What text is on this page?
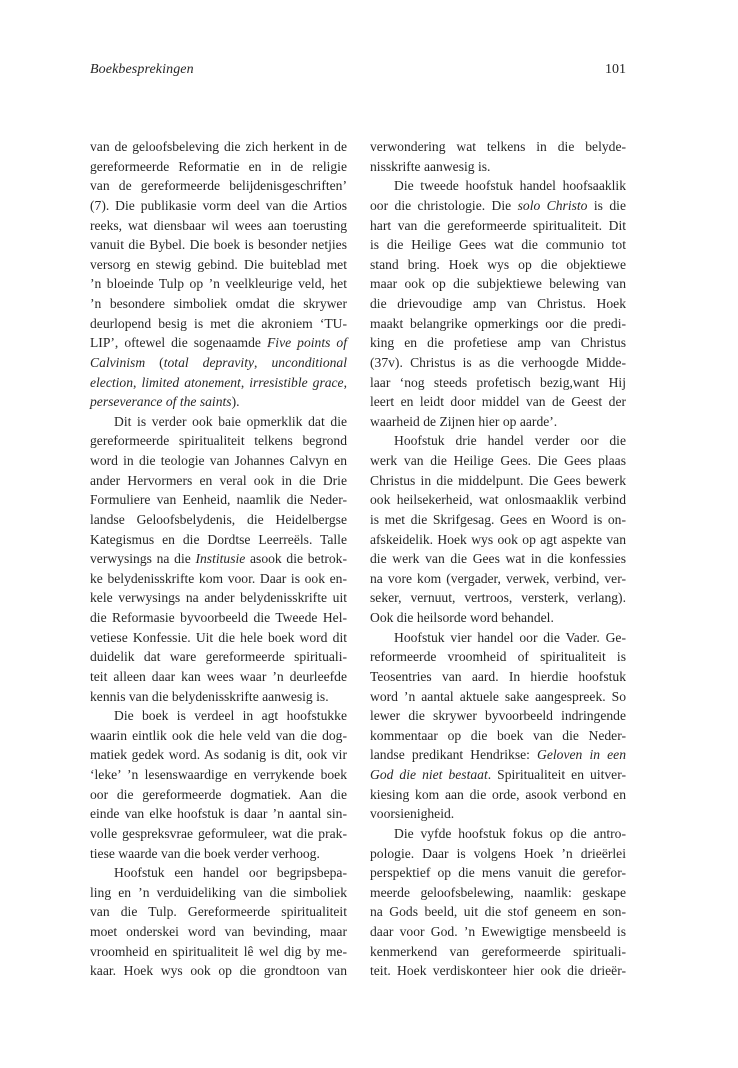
Boekbesprekingen	101
van de geloofsbeleving die zich herkent in de
gereformeerde Reformatie en in de religie
van de gereformeerde belijdenisgeschriften’
(7). Die publikasie vorm deel van die Artios
reeks, wat diensbaar wil wees aan toerusting
vanuit die Bybel. Die boek is besonder netjies
versorg en stewig gebind. Die buiteblad met
’n bloeinde Tulp op ’n veelkleurige veld, het
’n besondere simboliek omdat die skrywer
deurlopend besig is met die akroniem ‘TU-
LIP’, oftewel die sogenaamde Five points of
Calvinism (total depravity, unconditional
election, limited atonement, irresistible grace,
perseverance of the saints).
Dit is verder ook baie opmerklik dat die
gereformeerde spiritualiteit telkens begrond
word in die teologie van Johannes Calvyn en
ander Hervormers en veral ook in die Drie
Formuliere van Eenheid, naamlik die Neder-
landse Geloofsbelydenis, die Heidelbergse
Kategismus en die Dordtse Leerreëls. Talle
verwysings na die Institusie asook die betrok-
ke belydenisskrifte kom voor. Daar is ook en-
kele verwysings na ander belydenisskrifte uit
die Reformasie byvoorbeeld die Tweede Hel-
vetiese Konfessie. Uit die hele boek word dit
duidelik dat ware gereformeerde spirituali-
teit alleen daar kan wees waar ’n deurleefde
kennis van die belydenisskrifte aanwesig is.
Die boek is verdeel in agt hoofstukke
waarin eintlik ook die hele veld van die dog-
matiek gedek word. As sodanig is dit, ook vir
‘leke’ ’n lesenswaardige en verrykende boek
oor die gereformeerde dogmatiek. Aan die
einde van elke hoofstuk is daar ’n aantal sin-
volle gespreksvrae geformuleer, wat die prak-
tiese waarde van die boek verder verhoog.
Hoofstuk een handel oor begripsbepa-
ling en ’n verduideliking van die simboliek
van die Tulp. Gereformeerde spiritualiteit
moet onderskei word van bevinding, maar
vroomheid en spiritualiteit lê wel dig by me-
kaar. Hoek wys ook op die grondtoon van
verwondering wat telkens in die belyde-
nisskrifte aanwesig is.
Die tweede hoofstuk handel hoofsaaklik
oor die christologie. Die solo Christo is die
hart van die gereformeerde spiritualiteit. Dit
is die Heilige Gees wat die communio tot
stand bring. Hoek wys op die objektiewe
maar ook op die subjektiewe belewing van
die drievoudige amp van Christus. Hoek
maakt belangrike opmerkings oor die predi-
king en die profetiese amp van Christus
(37v). Christus is as die verhoogde Midde-
laar ‘nog steeds profetisch bezig,want Hij
leert en leidt door middel van de Geest der
waarheid de Zijnen hier op aarde’.
Hoofstuk drie handel verder oor die
werk van die Heilige Gees. Die Gees plaas
Christus in die middelpunt. Die Gees bewerk
ook heilsekerheid, wat onlosmaaklik verbind
is met die Skrifgesag. Gees en Woord is on-
afskeidelik. Hoek wys ook op agt aspekte van
die werk van die Gees wat in die konfessies
na vore kom (vergader, verwek, verbind, ver-
seker, vernuut, vertroos, versterk, verlang).
Ook die heilsorde word behandel.
Hoofstuk vier handel oor die Vader. Ge-
reformeerde vroomheid of spiritualiteit is
Teosentries van aard. In hierdie hoofstuk
word ’n aantal aktuele sake aangespreek. So
lewer die skrywer byvoorbeeld indringende
kommentaar op die boek van die Neder-
landse predikant Hendrikse: Geloven in een
God die niet bestaat. Spiritualiteit en uitver-
kiesing kom aan die orde, asook verbond en
voorsienigheid.
Die vyfde hoofstuk fokus op die antro-
pologie. Daar is volgens Hoek ’n drieërlei
perspektief op die mens vanuit die gerefor-
meerde geloofsbelewing, naamlik: geskape
na Gods beeld, uit die stof geneem en son-
daar voor God. ’n Ewewigtige mensbeeld is
kenmerkend van gereformeerde spirituali-
teit. Hoek verdiskonteer hier ook die drieër-
